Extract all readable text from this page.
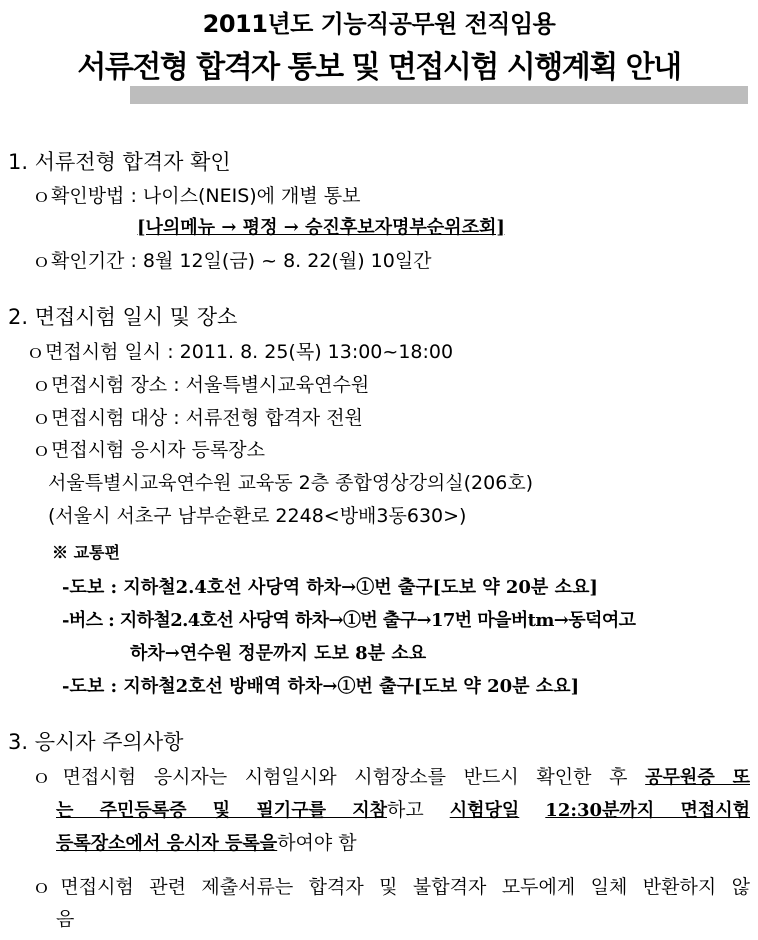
2011년도 기능직공무원 전직임용
서류전형 합격자 통보 및 면접시험 시행계획 안내
1. 서류전형 합격자 확인
ｏ확인방법 : 나이스(NEIS)에 개별 통보
[나의메뉴 → 평정 → 승진후보자명부순위조회]
ｏ확인기간 : 8월 12일(금) ~ 8. 22(월) 10일간
2. 면접시험 일시 및 장소
ｏ면접시험 일시 : 2011. 8. 25(목) 13:00~18:00
ｏ면접시험 장소 : 서울특별시교육연수원
ｏ면접시험 대상 : 서류전형 합격자 전원
ｏ면접시험 응시자 등록장소
서울특별시교육연수원 교육동 2층 종합영상강의실(206호)
(서울시 서초구 남부순환로 2248<방배3동630>)
※ 교통편
-도보 : 지하철2.4호선 사당역 하차→①번 출구[도보 약 20분 소요]
-버스 : 지하철2.4호선 사당역 하차→①번 출구→17번 마을버tm→동덕여고
하차→연수원 정문까지 도보 8분 소요
-도보 : 지하철2호선 방배역 하차→①번 출구[도보 약 20분 소요]
3. 응시자 주의사항
ｏ면접시험 응시자는 시험일시와 시험장소를 반드시 확인한 후 공무원증 또
는 주민등록증 및 필기구를 지참하고 시험당일 12:30분까지 면접시험
등록장소에서 응시자 등록을하여야 함
ｏ면접시험 관련 제출서류는 합격자 및 불합격자 모두에게 일체 반환하지 않
음
